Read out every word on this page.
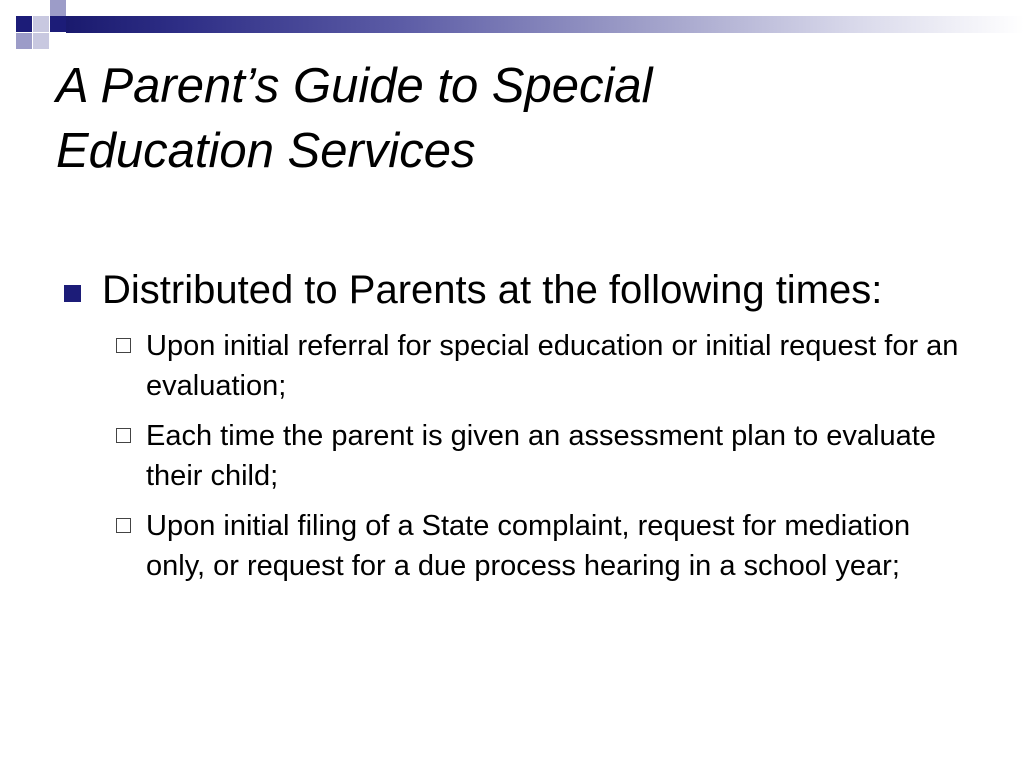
A Parent’s Guide to Special
Education Services

Distributed to Parents at the following times:

Upon initial referral for special education or initial request for an evaluation;
Each time the parent is given an assessment plan to evaluate their child;
Upon initial filing of a State complaint, request for mediation only, or request for a due process hearing in a school year;
